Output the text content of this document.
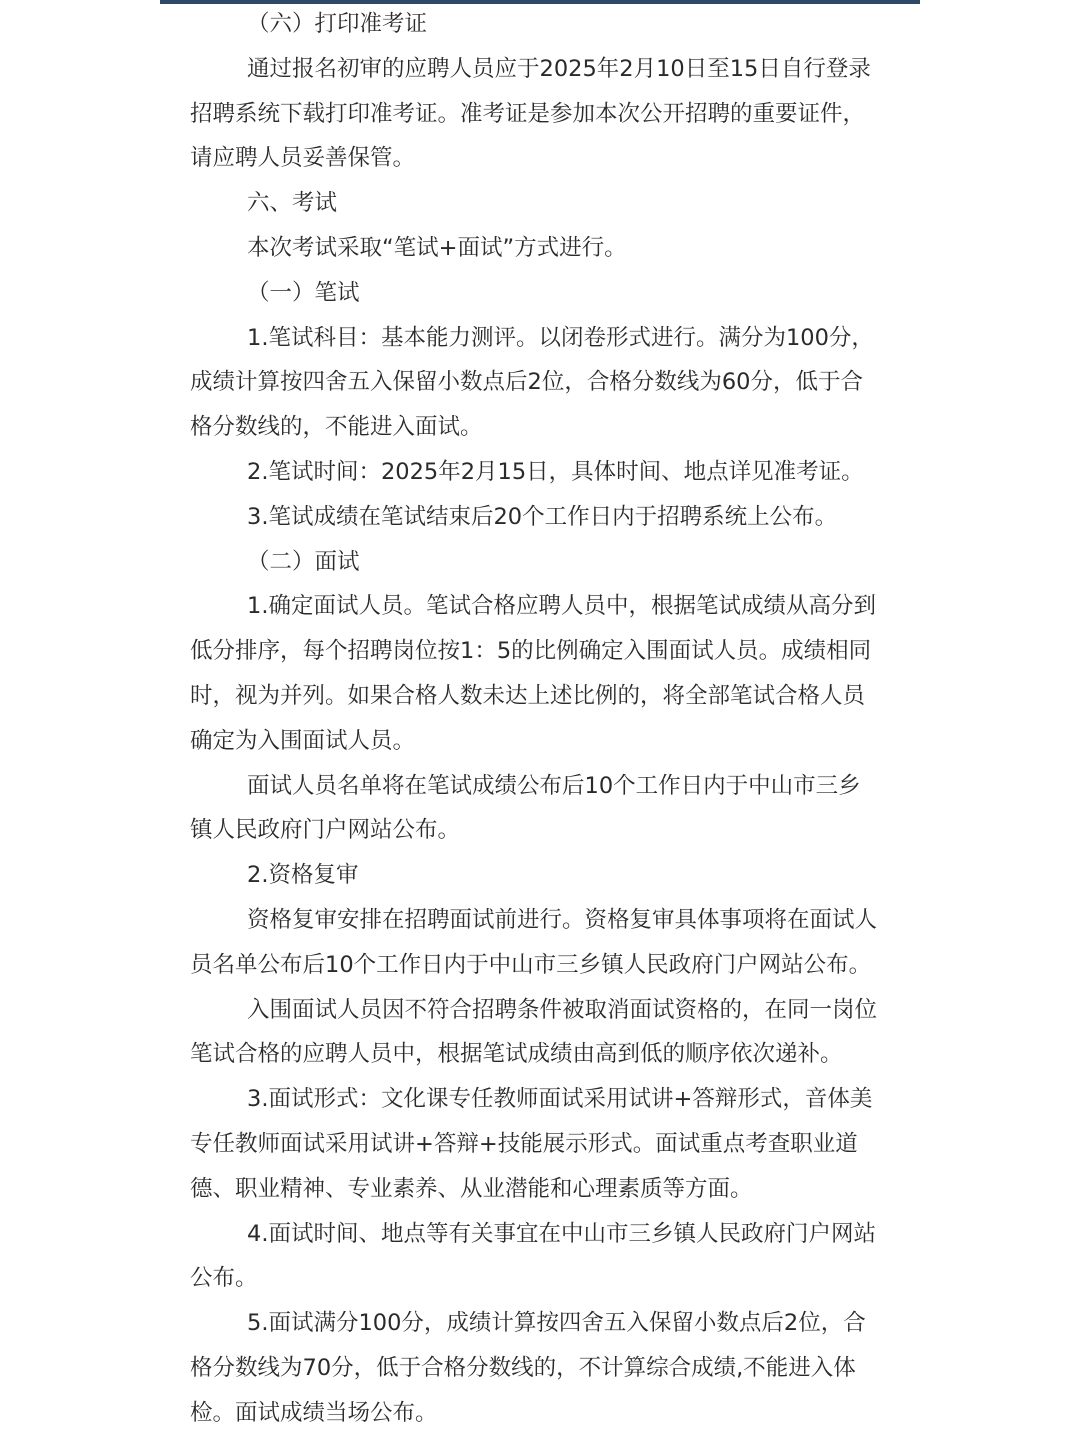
（六）打印准考证
通过报名初审的应聘人员应于2025年2月10日至15日自行登录
招聘系统下载打印准考证。准考证是参加本次公开招聘的重要证件，
请应聘人员妥善保管。
六、考试
本次考试采取“笔试+面试”方式进行。
（一）笔试
1.笔试科目：基本能力测评。以闭卷形式进行。满分为100分，
成绩计算按四舍五入保留小数点后2位，合格分数线为60分，低于合
格分数线的，不能进入面试。
2.笔试时间：2025年2月15日，具体时间、地点详见准考证。
3.笔试成绩在笔试结束后20个工作日内于招聘系统上公布。
（二）面试
1.确定面试人员。笔试合格应聘人员中，根据笔试成绩从高分到
低分排序，每个招聘岗位按1：5的比例确定入围面试人员。成绩相同
时，视为并列。如果合格人数未达上述比例的，将全部笔试合格人员
确定为入围面试人员。
面试人员名单将在笔试成绩公布后10个工作日内于中山市三乡
镇人民政府门户网站公布。
2.资格复审
资格复审安排在招聘面试前进行。资格复审具体事项将在面试人
员名单公布后10个工作日内于中山市三乡镇人民政府门户网站公布。
入围面试人员因不符合招聘条件被取消面试资格的，在同一岗位
笔试合格的应聘人员中，根据笔试成绩由高到低的顺序依次递补。
3.面试形式：文化课专任教师面试采用试讲+答辩形式，音体美
专任教师面试采用试讲+答辩+技能展示形式。面试重点考查职业道
德、职业精神、专业素养、从业潜能和心理素质等方面。
4.面试时间、地点等有关事宜在中山市三乡镇人民政府门户网站
公布。
5.面试满分100分，成绩计算按四舍五入保留小数点后2位，合
格分数线为70分，低于合格分数线的，不计算综合成绩,不能进入体
检。面试成绩当场公布。
